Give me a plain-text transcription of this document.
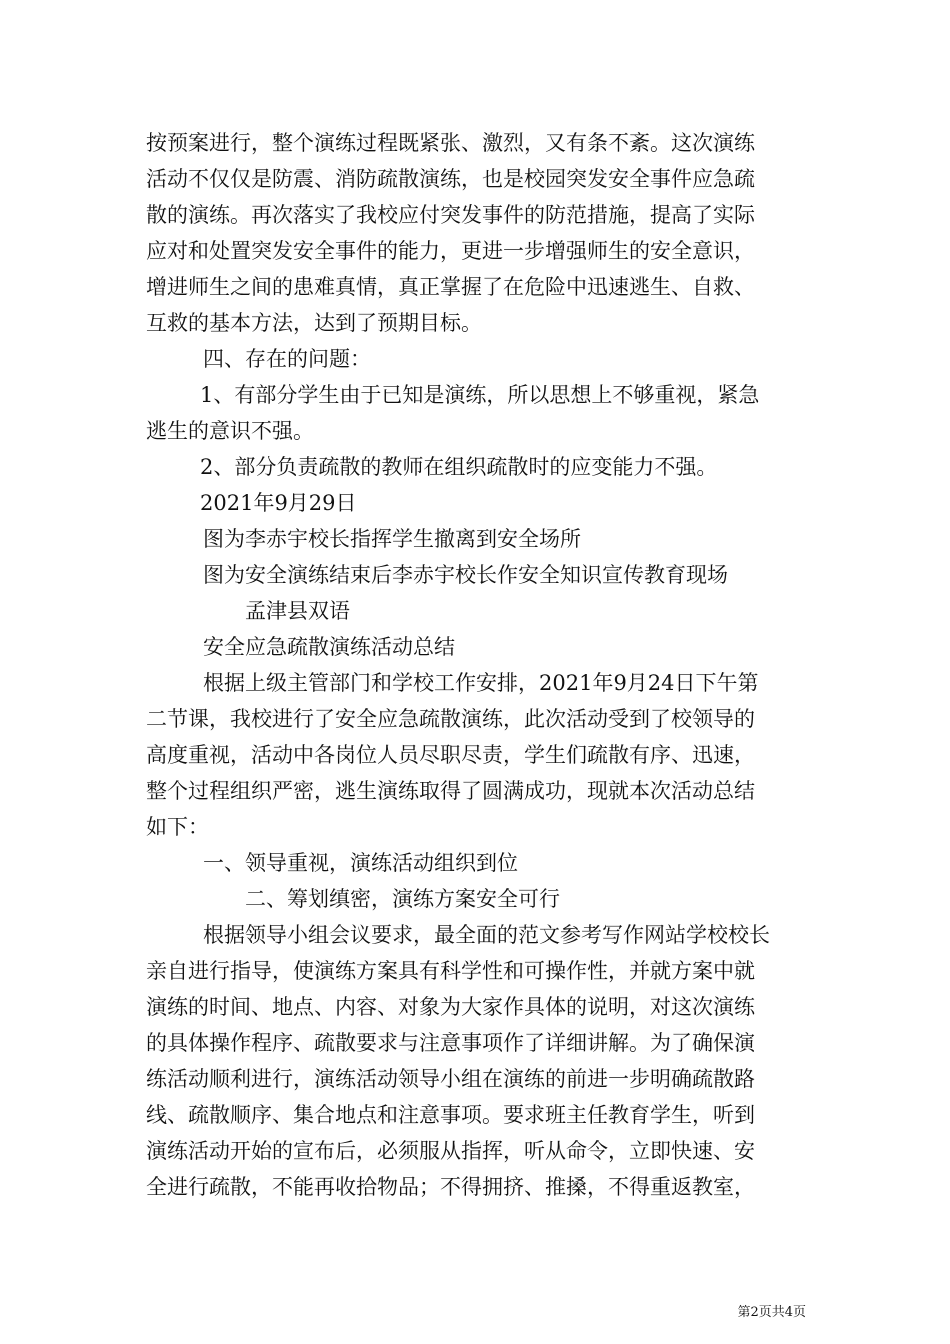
按预案进行，整个演练过程既紧张、激烈，又有条不紊。这次演练
活动不仅仅是防震、消防疏散演练，也是校园突发安全事件应急疏
散的演练。再次落实了我校应付突发事件的防范措施，提高了实际
应对和处置突发安全事件的能力，更进一步增强师生的安全意识，
增进师生之间的患难真情，真正掌握了在危险中迅速逃生、自救、
互救的基本方法，达到了预期目标。
四、存在的问题：
1、有部分学生由于已知是演练，所以思想上不够重视，紧急
逃生的意识不强。
2、部分负责疏散的教师在组织疏散时的应变能力不强。
2021年9月29日
图为李赤宇校长指挥学生撤离到安全场所
图为安全演练结束后李赤宇校长作安全知识宣传教育现场
孟津县双语
安全应急疏散演练活动总结
根据上级主管部门和学校工作安排，2021年9月24日下午第
二节课，我校进行了安全应急疏散演练，此次活动受到了校领导的
高度重视，活动中各岗位人员尽职尽责，学生们疏散有序、迅速，
整个过程组织严密，逃生演练取得了圆满成功，现就本次活动总结
如下：
一、领导重视，演练活动组织到位
二、筹划缜密，演练方案安全可行
根据领导小组会议要求，最全面的范文参考写作网站学校校长
亲自进行指导，使演练方案具有科学性和可操作性，并就方案中就
演练的时间、地点、内容、对象为大家作具体的说明，对这次演练
的具体操作程序、疏散要求与注意事项作了详细讲解。为了确保演
练活动顺利进行，演练活动领导小组在演练的前进一步明确疏散路
线、疏散顺序、集合地点和注意事项。要求班主任教育学生，听到
演练活动开始的宣布后，必须服从指挥，听从命令，立即快速、安
全进行疏散，不能再收拾物品；不得拥挤、推搡，不得重返教室，
第2页共4页
